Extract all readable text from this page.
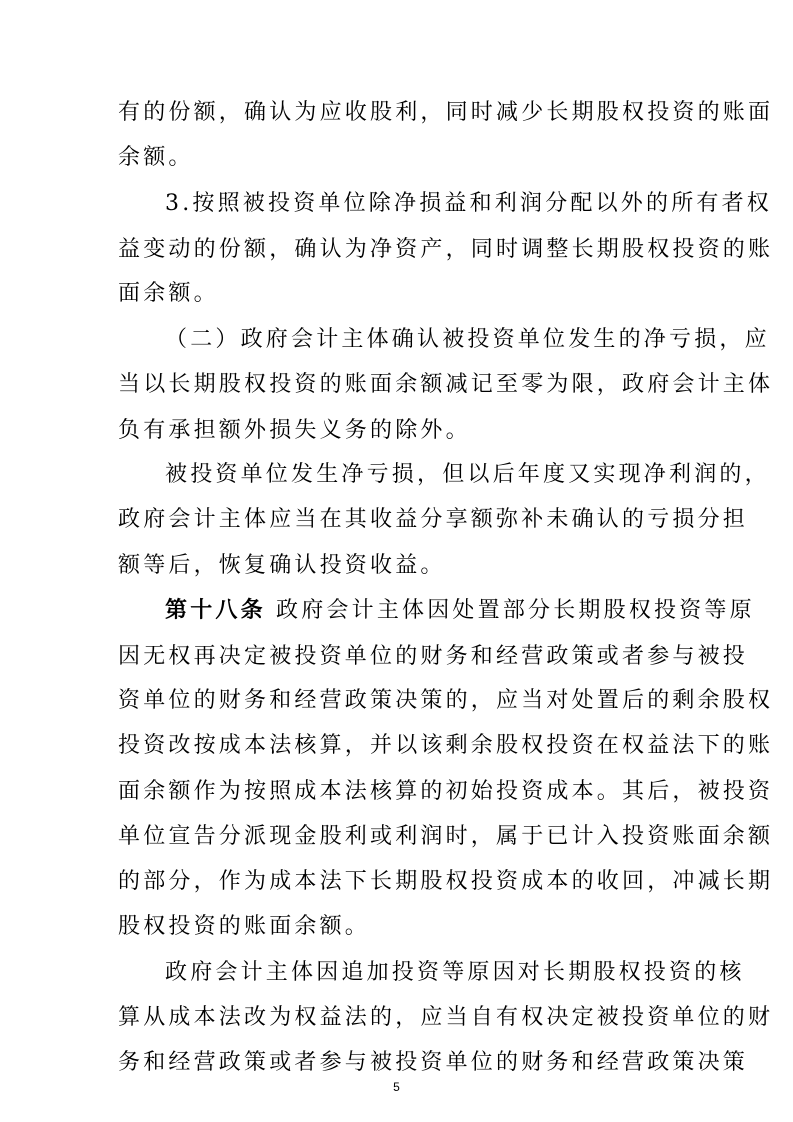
有的份额，确认为应收股利，同时减少长期股权投资的账面
余额。
3.按照被投资单位除净损益和利润分配以外的所有者权
益变动的份额，确认为净资产，同时调整长期股权投资的账
面余额。
（二）政府会计主体确认被投资单位发生的净亏损，应
当以长期股权投资的账面余额减记至零为限，政府会计主体
负有承担额外损失义务的除外。
被投资单位发生净亏损，但以后年度又实现净利润的，
政府会计主体应当在其收益分享额弥补未确认的亏损分担
额等后，恢复确认投资收益。
第十八条 政府会计主体因处置部分长期股权投资等原
因无权再决定被投资单位的财务和经营政策或者参与被投
资单位的财务和经营政策决策的，应当对处置后的剩余股权
投资改按成本法核算，并以该剩余股权投资在权益法下的账
面余额作为按照成本法核算的初始投资成本。其后，被投资
单位宣告分派现金股利或利润时，属于已计入投资账面余额
的部分，作为成本法下长期股权投资成本的收回，冲减长期
股权投资的账面余额。
政府会计主体因追加投资等原因对长期股权投资的核
算从成本法改为权益法的，应当自有权决定被投资单位的财
务和经营政策或者参与被投资单位的财务和经营政策决策
5
